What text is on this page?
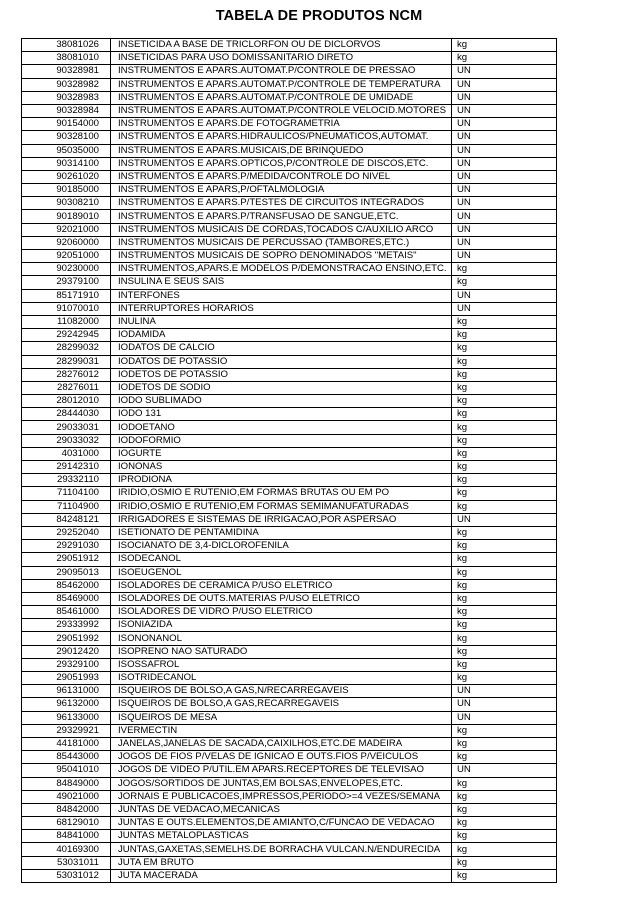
TABELA DE PRODUTOS NCM
38081026	INSETICIDA A BASE DE TRICLORFON OU DE DICLORVOS	kg
38081010	INSETICIDAS PARA USO DOMISSANITARIO DIRETO	kg
90328981	INSTRUMENTOS E APARS.AUTOMAT.P/CONTROLE DE PRESSAO	UN
90328982	INSTRUMENTOS E APARS.AUTOMAT.P/CONTROLE DE TEMPERATURA	UN
90328983	INSTRUMENTOS E APARS.AUTOMAT.P/CONTROLE DE UMIDADE	UN
90328984	INSTRUMENTOS E APARS.AUTOMAT.P/CONTROLE VELOCID.MOTORES	UN
90154000	INSTRUMENTOS E APARS.DE FOTOGRAMETRIA	UN
90328100	INSTRUMENTOS E APARS.HIDRAULICOS/PNEUMATICOS,AUTOMAT.	UN
95035000	INSTRUMENTOS E APARS.MUSICAIS,DE BRINQUEDO	UN
90314100	INSTRUMENTOS E APARS.OPTICOS,P/CONTROLE DE DISCOS,ETC.	UN
90261020	INSTRUMENTOS E APARS.P/MEDIDA/CONTROLE DO NIVEL	UN
90185000	INSTRUMENTOS E APARS,P/OFTALMOLOGIA	UN
90308210	INSTRUMENTOS E APARS.P/TESTES DE CIRCUITOS INTEGRADOS	UN
90189010	INSTRUMENTOS E APARS.P/TRANSFUSAO DE SANGUE,ETC.	UN
92021000	INSTRUMENTOS MUSICAIS DE CORDAS,TOCADOS C/AUXILIO ARCO	UN
92060000	INSTRUMENTOS MUSICAIS DE PERCUSSAO (TAMBORES,ETC.)	UN
92051000	INSTRUMENTOS MUSICAIS DE SOPRO DENOMINADOS "METAIS"	UN
90230000	INSTRUMENTOS,APARS.E MODELOS P/DEMONSTRACAO ENSINO,ETC.	kg
29379100	INSULINA E SEUS SAIS	kg
85171910	INTERFONES	UN
91070010	INTERRUPTORES HORARIOS	UN
11082000	INULINA	kg
29242945	IODAMIDA	kg
28299032	IODATOS DE CALCIO	kg
28299031	IODATOS DE POTASSIO	kg
28276012	IODETOS DE POTASSIO	kg
28276011	IODETOS DE SODIO	kg
28012010	IODO SUBLIMADO	kg
28444030	IODO 131	kg
29033031	IODOETANO	kg
29033032	IODOFORMIO	kg
4031000	IOGURTE	kg
29142310	IONONAS	kg
29332110	IPRODIONA	kg
71104100	IRIDIO,OSMIO E RUTENIO,EM FORMAS BRUTAS OU EM PO	kg
71104900	IRIDIO,OSMIO E RUTENIO,EM FORMAS SEMIMANUFATURADAS	kg
84248121	IRRIGADORES E SISTEMAS DE IRRIGACAO,POR ASPERSAO	UN
29252040	ISETIONATO DE PENTAMIDINA	kg
29291030	ISOCIANATO DE 3,4-DICLOROFENILA	kg
29051912	ISODECANOL	kg
29095013	ISOEUGENOL	kg
85462000	ISOLADORES DE CERAMICA P/USO ELETRICO	kg
85469000	ISOLADORES DE OUTS.MATERIAS P/USO ELETRICO	kg
85461000	ISOLADORES DE VIDRO P/USO ELETRICO	kg
29333992	ISONIAZIDA	kg
29051992	ISONONANOL	kg
29012420	ISOPRENO NAO SATURADO	kg
29329100	ISOSSAFROL	kg
29051993	ISOTRIDECANOL	kg
96131000	ISQUEIROS DE BOLSO,A GAS,N/RECARREGAVEIS	UN
96132000	ISQUEIROS DE BOLSO,A GAS,RECARREGAVEIS	UN
96133000	ISQUEIROS DE MESA	UN
29329921	IVERMECTIN	kg
44181000	JANELAS,JANELAS DE SACADA,CAIXILHOS,ETC.DE MADEIRA	kg
85443000	JOGOS DE FIOS P/VELAS DE IGNICAO E OUTS.FIOS P/VEICULOS	kg
95041010	JOGOS DE VIDEO P/UTIL.EM APARS.RECEPTORES DE TELEVISAO	UN
84849000	JOGOS/SORTIDOS DE JUNTAS,EM BOLSAS,ENVELOPES,ETC.	kg
49021000	JORNAIS E PUBLICACOES,IMPRESSOS,PERIODO>=4 VEZES/SEMANA	kg
84842000	JUNTAS DE VEDACAO,MECANICAS	kg
68129010	JUNTAS E OUTS.ELEMENTOS,DE AMIANTO,C/FUNCAO DE VEDACAO	kg
84841000	JUNTAS METALOPLASTICAS	kg
40169300	JUNTAS,GAXETAS,SEMELHS.DE BORRACHA VULCAN.N/ENDURECIDA	kg
53031011	JUTA EM BRUTO	kg
53031012	JUTA MACERADA	kg
